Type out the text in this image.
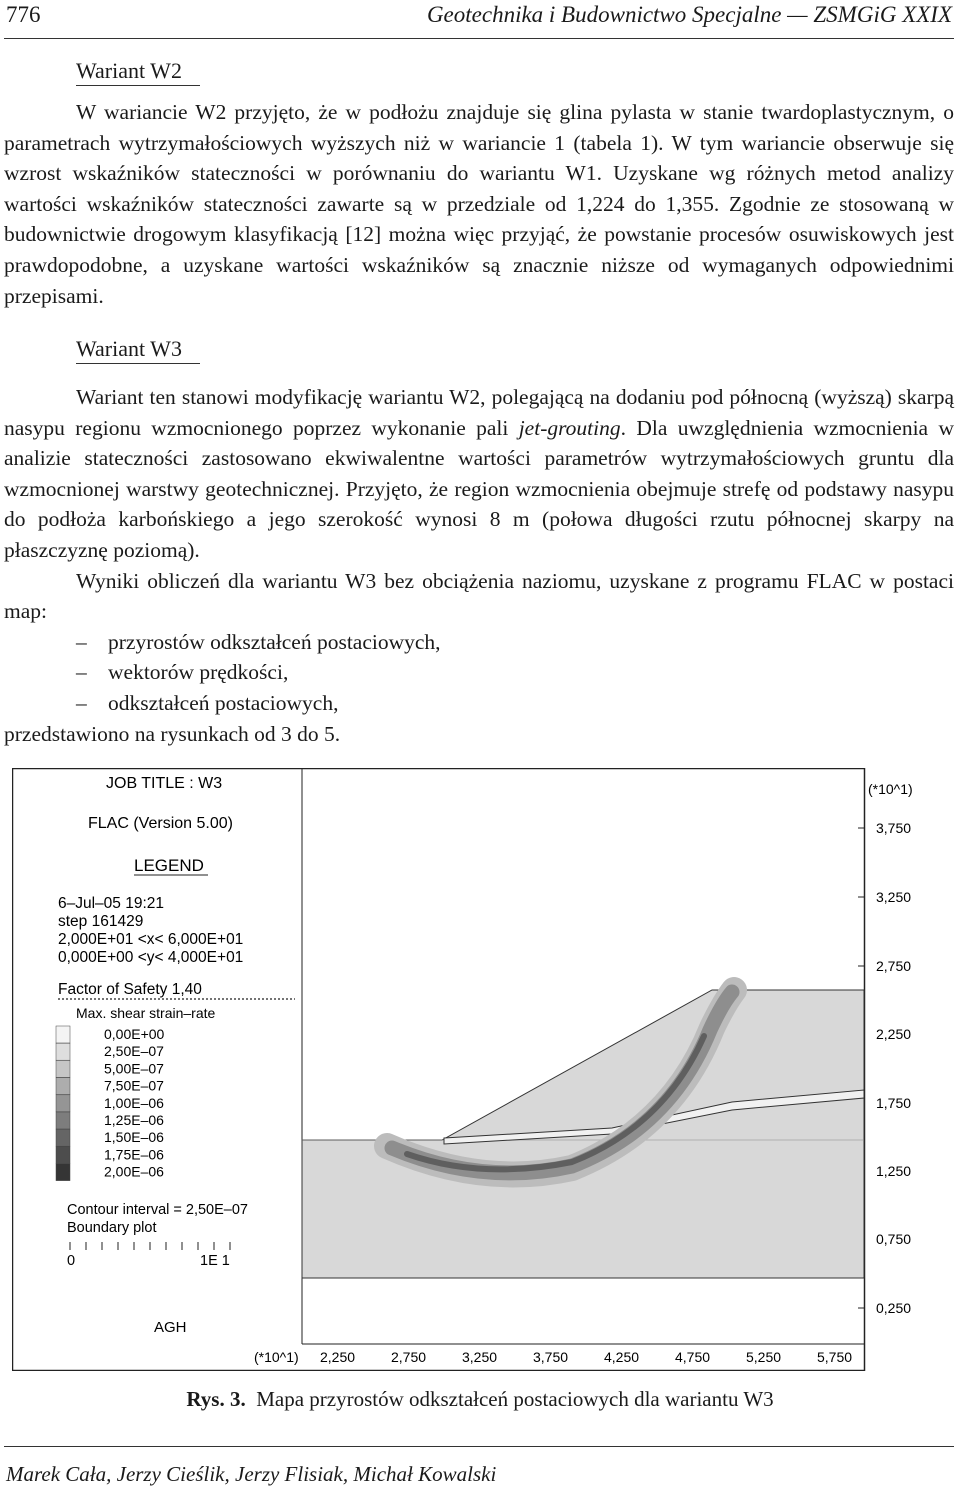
776	Geotechnika i Budownictwo Specjalne — ZSMGiG XXIX
Wariant W2

W wariancie W2 przyjęto, że w podłożu znajduje się glina pylasta w stanie twardoplastycznym, o parametrach wytrzymałościowych wyższych niż w wariancie 1 (tabela 1). W tym wariancie obserwuje się wzrost wskaźników stateczności w porównaniu do wariantu W1. Uzyskane wg różnych metod analizy wartości wskaźników stateczności zawarte są w przedziale od 1,224 do 1,355. Zgodnie ze stosowaną w budownictwie drogowym klasyfikacją [12] można więc przyjąć, że powstanie procesów osuwiskowych jest prawdopodobne, a uzyskane wartości wskaźników są znacznie niższe od wymaganych odpowiednimi przepisami.

Wariant W3

Wariant ten stanowi modyfikację wariantu W2, polegającą na dodaniu pod północną (wyższą) skarpą nasypu regionu wzmocnionego poprzez wykonanie pali jet-grouting. Dla uwzględnienia wzmocnienia w analizie stateczności zastosowano ekwiwalentne wartości parametrów wytrzymałościowych gruntu dla wzmocnionej warstwy geotechnicznej. Przyjęto, że region wzmocnienia obejmuje strefę od podstawy nasypu do podłoża karbońskiego a jego szerokość wynosi 8 m (połowa długości rzutu północnej skarpy na płaszczyznę poziomą).

Wyniki obliczeń dla wariantu W3 bez obciążenia naziomu, uzyskane z programu FLAC w postaci map:

– przyrostów odkształceń postaciowych,
– wektorów prędkości,
– odkształceń postaciowych,

przedstawiono na rysunkach od 3 do 5.

JOB TITLE : W3
FLAC (Version 5.00)
LEGEND
6–Jul–05 19:21
step 161429
2,000E+01 <x< 6,000E+01
0,000E+00 <y< 4,000E+01
Factor of Safety 1,40
Max. shear strain–rate
0,00E+00
2,50E–07
5,00E–07
7,50E–07
1,00E–06
1,25E–06
1,50E–06
1,75E–06
2,00E–06
Contour interval = 2,50E–07
Boundary plot
0	1E 1
AGH
(*10^1)
(*10^1)
3,750
3,250
2,750
2,250
1,750
1,250
0,750
0,250
2,250	2,750	3,250	3,750	4,250	4,750	5,250	5,750
Rys. 3. Mapa przyrostów odkształceń postaciowych dla wariantu W3
Marek Cała, Jerzy Cieślik, Jerzy Flisiak, Michał Kowalski
